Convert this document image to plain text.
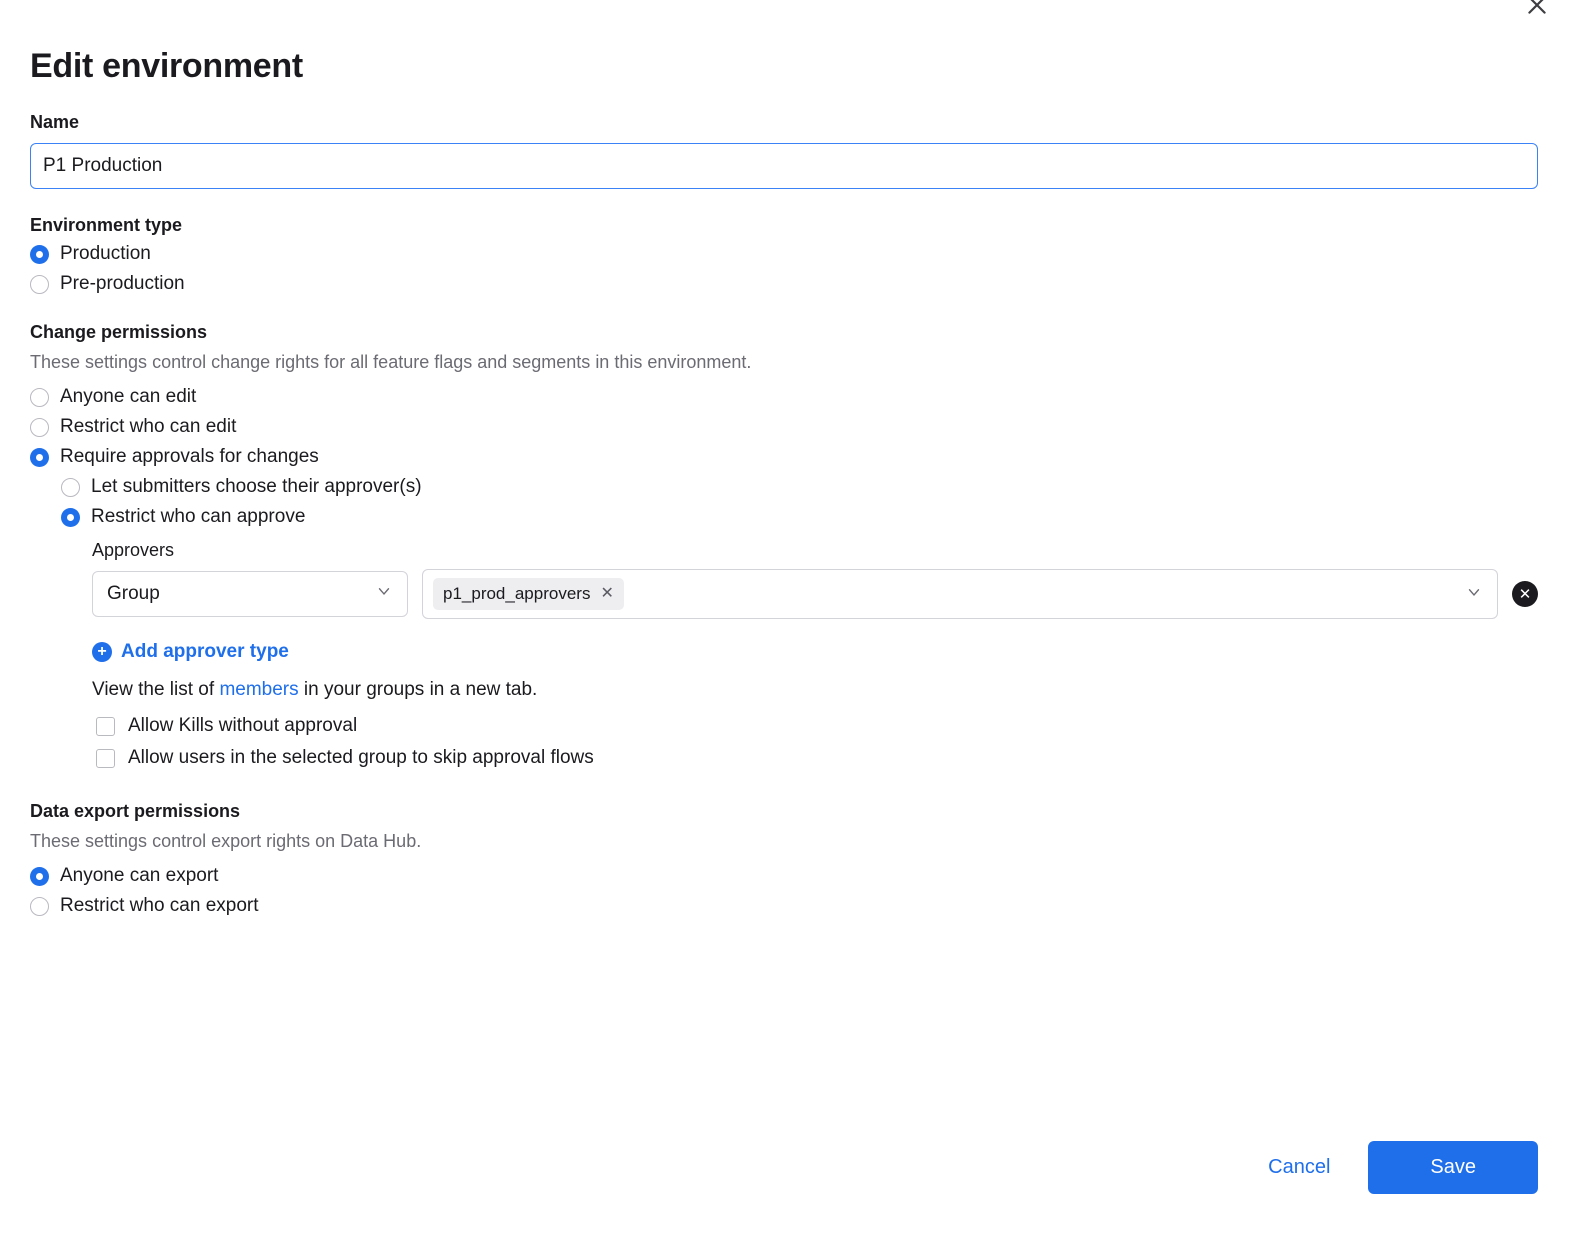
Edit environment
Name
P1 Production
Environment type
Production
Pre-production
Change permissions
These settings control change rights for all feature flags and segments in this environment.
Anyone can edit
Restrict who can edit
Require approvals for changes
Let submitters choose their approver(s)
Restrict who can approve
Approvers
Group	p1_prod_approvers ✕	✕
+ Add approver type
View the list of members in your groups in a new tab.
Allow Kills without approval
Allow users in the selected group to skip approval flows
Data export permissions
These settings control export rights on Data Hub.
Anyone can export
Restrict who can export
Cancel	Save
